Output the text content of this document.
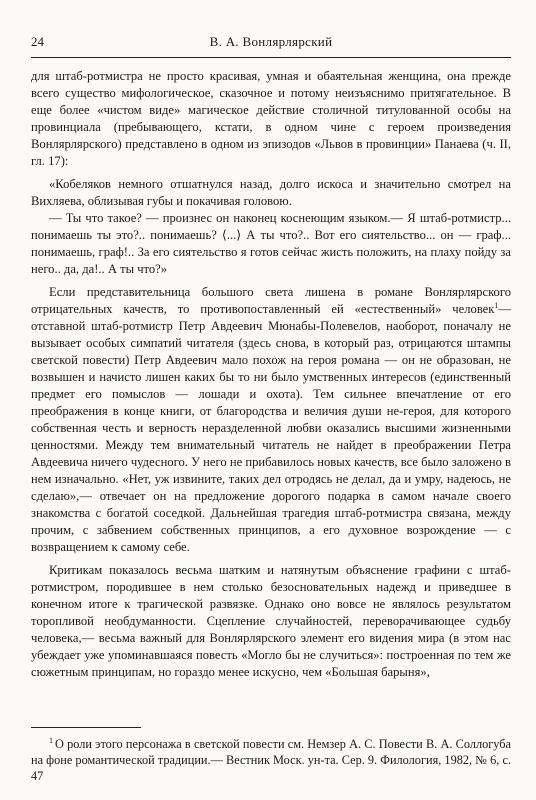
24	В. А. Вонлярлярский

для штаб-ротмистра не просто красивая, умная и обаятельная женщина, она прежде всего существо мифологическое, сказочное и потому неизъяснимо притягательное. В еще более «чистом виде» магическое действие столичной титулованной особы на провинциала (пребывающего, кстати, в одном чине с героем произведения Вонлярлярского) представлено в одном из эпизодов «Львов в провинции» Панаева (ч. II, гл. 17):

«Кобеляков немного отшатнулся назад, долго искоса и значительно смотрел на Вихляева, облизывая губы и покачивая головою.

— Ты что такое? — произнес он наконец коснеющим языком.— Я штаб-ротмистр... понимаешь ты это?.. понимаешь? ⟨...⟩ А ты что?.. Вот его сиятельство... он — граф... понимаешь, граф!.. За его сиятельство я готов сейчас жисть положить, на плаху пойду за него.. да, да!.. А ты что?»

Если представительница большого света лишена в романе Вонлярлярского отрицательных качеств, то противопоставленный ей «естественный» человек$^1$— отставной штаб-ротмистр Петр Авдеевич Мюнабы-Полевелов, наоборот, поначалу не вызывает особых симпатий читателя (здесь снова, в который раз, отрицаются штампы светской повести) Петр Авдеевич мало похож на героя романа — он не образован, не возвышен и начисто лишен каких бы то ни было умственных интересов (единственный предмет его помыслов — лошади и охота). Тем сильнее впечатление от его преображения в конце книги, от благородства и величия души не-героя, для которого собственная честь и верность неразделенной любви оказались высшими жизненными ценностями. Между тем внимательный читатель не найдет в преображении Петра Авдеевича ничего чудесного. У него не прибавилось новых качеств, все было заложено в нем изначально. «Нет, уж извините, таких дел отродясь не делал, да и умру, надеюсь, не сделаю»,— отвечает он на предложение дорогого подарка в самом начале своего знакомства с богатой соседкой. Дальнейшая трагедия штаб-ротмистра связана, между прочим, с забвением собственных принципов, а его духовное возрождение — с возвращением к самому себе.

Критикам показалось весьма шатким и натянутым объяснение графини с штаб-ротмистром, породившее в нем столько безосновательных надежд и приведшее в конечном итоге к трагической развязке. Однако оно вовсе не являлось результатом торопливой необдуманности. Сцепление случайностей, переворачивающее судьбу человека,— весьма важный для Вонлярлярского элемент его видения мира (в этом нас убеждает уже упоминавшаяся повесть «Могло бы не случиться»: построенная по тем же сюжетным принципам, но гораздо менее искусно, чем «Большая барыня»,

$^1$ О роли этого персонажа в светской повести см. Немзер А. С. Повести В. А. Соллогуба на фоне романтической традиции.— Вестник Моск. ун-та. Сер. 9. Филология, 1982, № 6, с. 47
